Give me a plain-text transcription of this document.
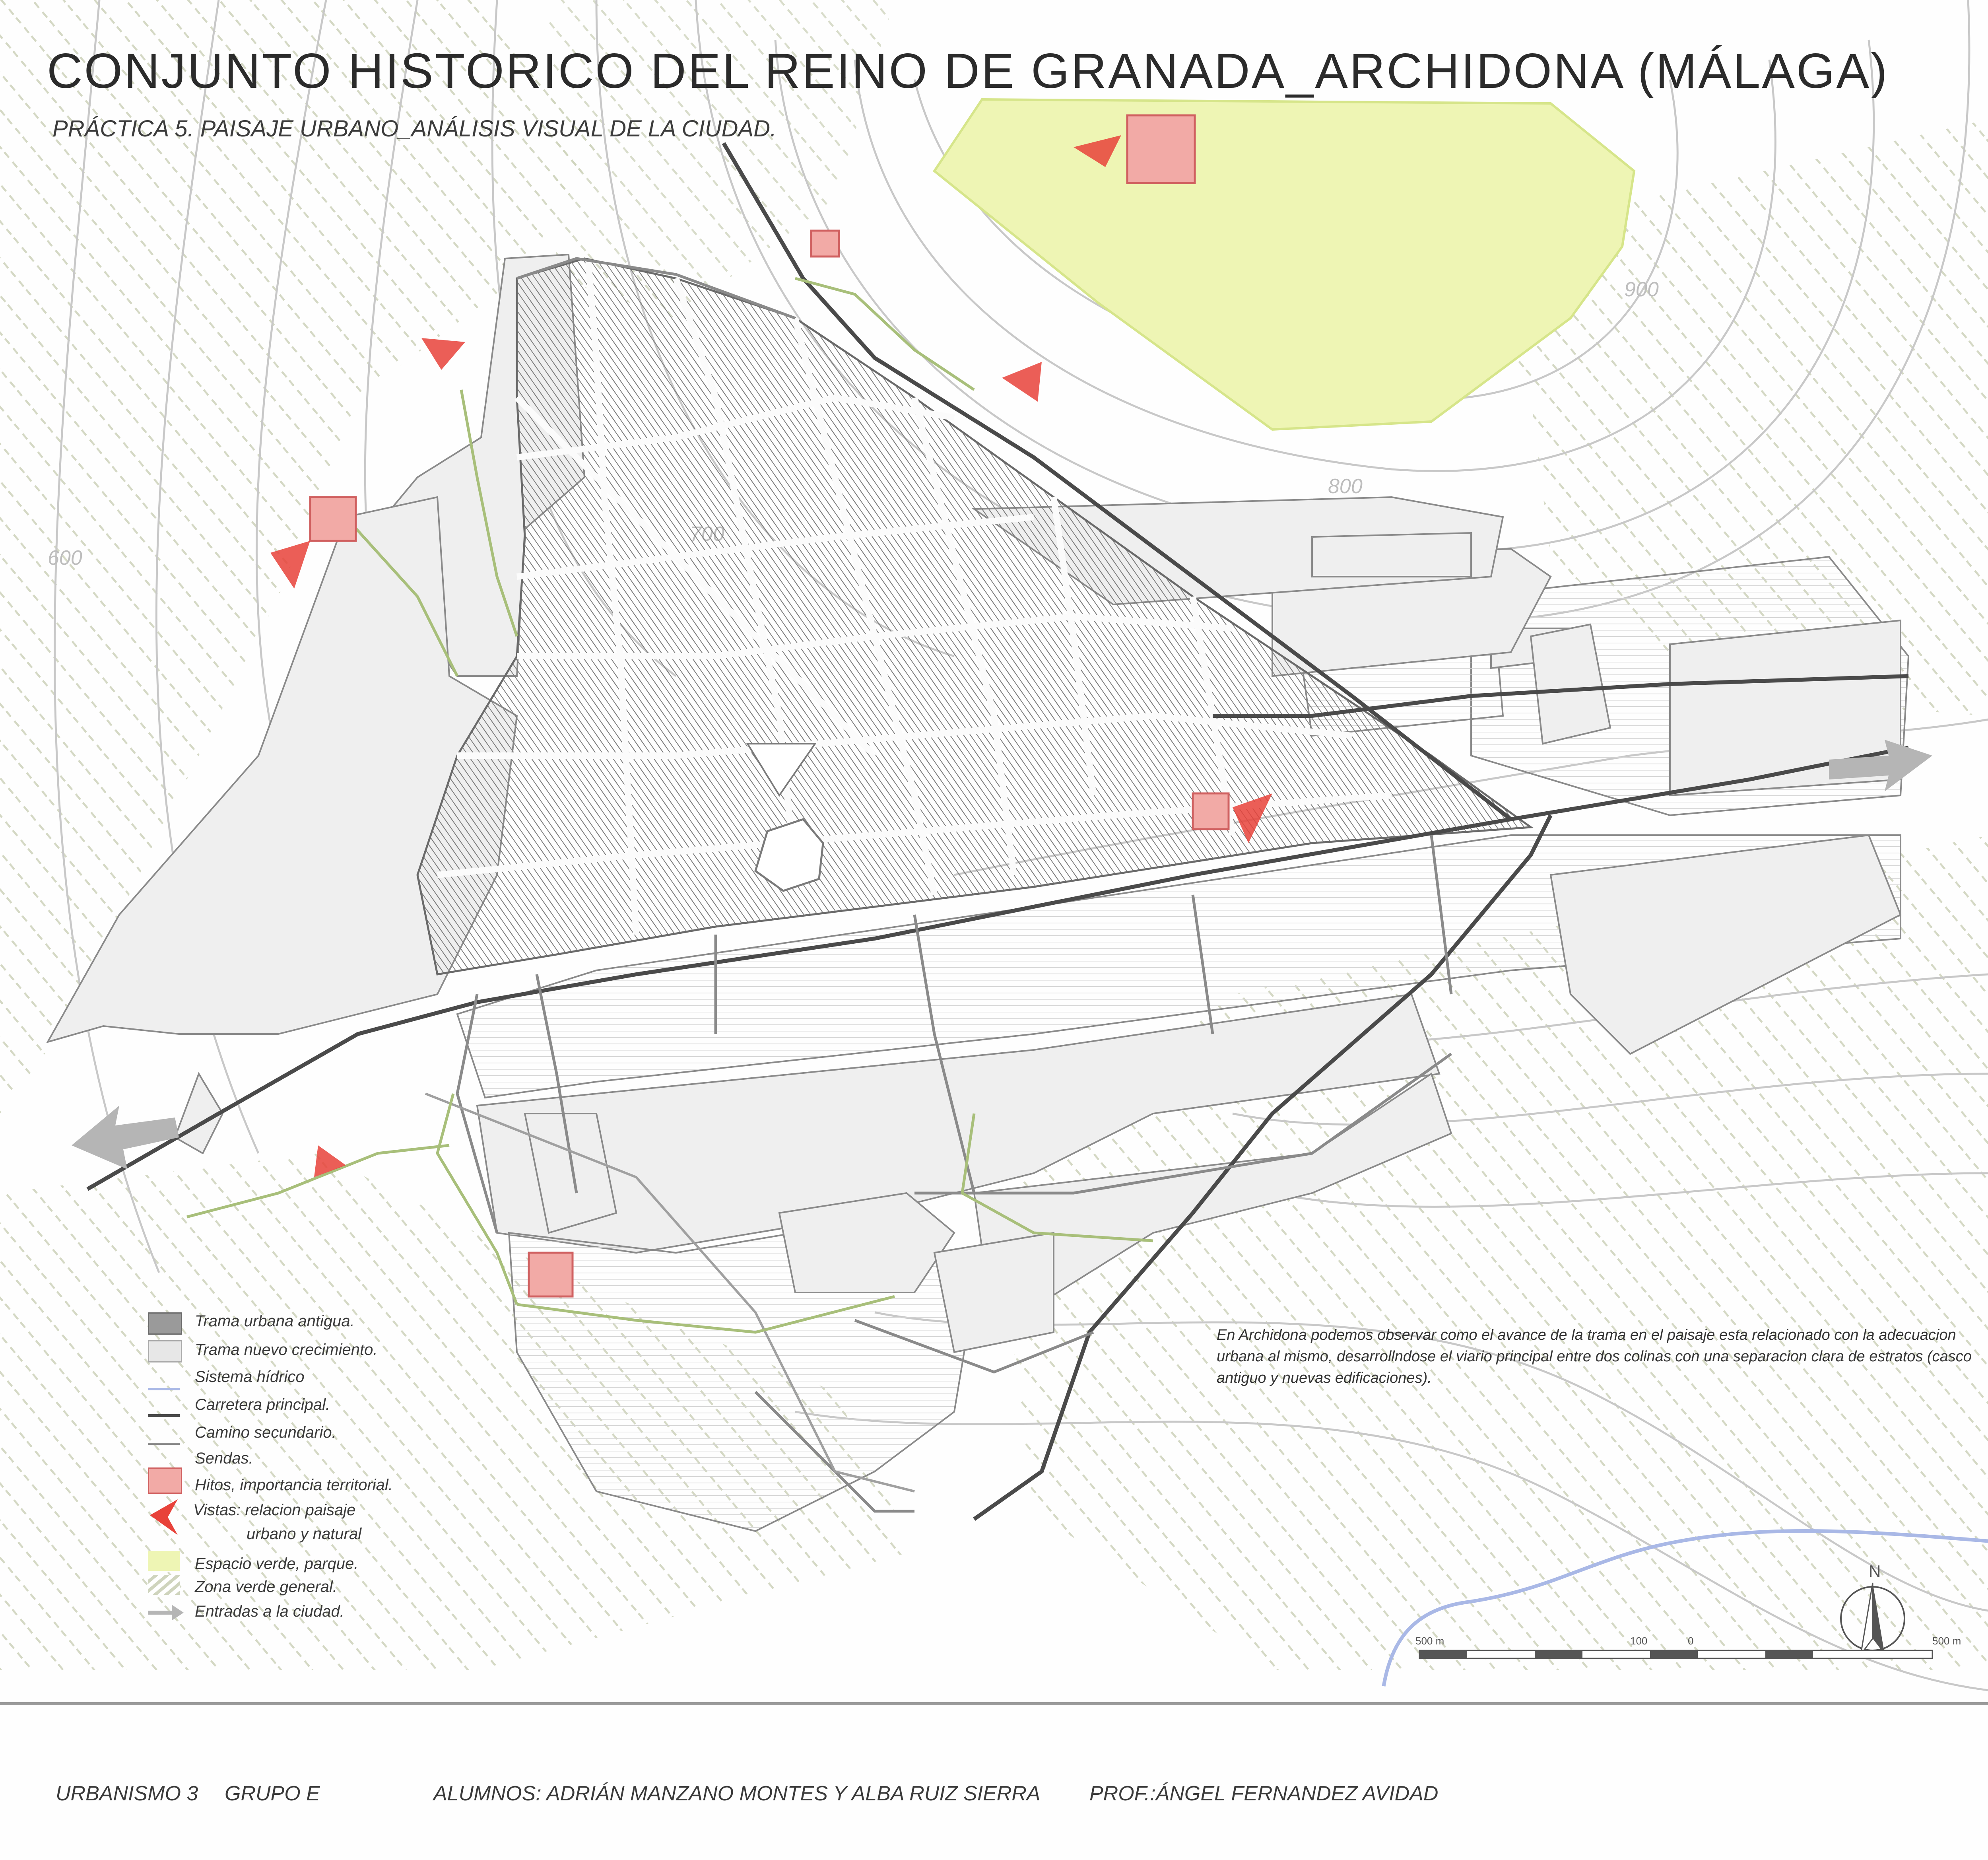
900
800
600
N
500 m	100	0	500 m
CONJUNTO HISTORICO DEL REINO DE GRANADA_ARCHIDONA (MÁLAGA)
PRÁCTICA 5. PAISAJE URBANO_ANÁLISIS VISUAL DE LA CIUDAD.
Trama urbana antigua.
Trama nuevo crecimiento.
Sistema hídrico
Carretera principal.
Camino secundario.
Sendas.
Hitos, importancia territorial.
Vistas: relacion paisaje
urbano y natural
Espacio verde, parque.
Zona verde general.
Entradas a la ciudad.
En Archidona podemos observar como el avance de la trama en el paisaje esta relacionado con la adecuacion urbana al mismo, desarrollndose el viario principal entre dos colinas con una separacion clara de estratos (casco antiguo y nuevas edificaciones).
URBANISMO 3 GRUPO E	ALUMNOS: ADRIÁN MANZANO MONTES Y ALBA RUIZ SIERRA PROF.:ÁNGEL FERNANDEZ AVIDAD
